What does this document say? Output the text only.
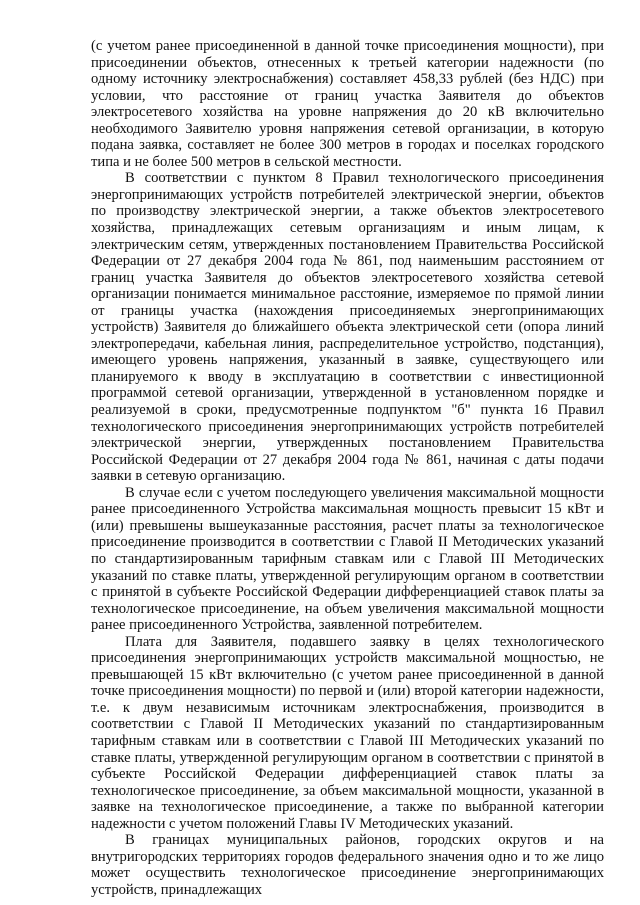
(с учетом ранее присоединенной в данной точке присоединения мощности), при присоединении объектов, отнесенных к третьей категории надежности (по одному источнику электроснабжения) составляет 458,33 рублей (без НДС) при условии, что расстояние от границ участка Заявителя до объектов электросетевого хозяйства на уровне напряжения до 20 кВ включительно необходимого Заявителю уровня напряжения сетевой организации, в которую подана заявка, составляет не более 300 метров в городах и поселках городского типа и не более 500 метров в сельской местности.

В соответствии с пунктом 8 Правил технологического присоединения энергопринимающих устройств потребителей электрической энергии, объектов по производству электрической энергии, а также объектов электросетевого хозяйства, принадлежащих сетевым организациям и иным лицам, к электрическим сетям, утвержденных постановлением Правительства Российской Федерации от 27 декабря 2004 года № 861, под наименьшим расстоянием от границ участка Заявителя до объектов электросетевого хозяйства сетевой организации понимается минимальное расстояние, измеряемое по прямой линии от границы участка (нахождения присоединяемых энергопринимающих устройств) Заявителя до ближайшего объекта электрической сети (опора линий электропередачи, кабельная линия, распределительное устройство, подстанция), имеющего уровень напряжения, указанный в заявке, существующего или планируемого к вводу в эксплуатацию в соответствии с инвестиционной программой сетевой организации, утвержденной в установленном порядке и реализуемой в сроки, предусмотренные подпунктом "б" пункта 16 Правил технологического присоединения энергопринимающих устройств потребителей электрической энергии, утвержденных постановлением Правительства Российской Федерации от 27 декабря 2004 года № 861, начиная с даты подачи заявки в сетевую организацию.

В случае если с учетом последующего увеличения максимальной мощности ранее присоединенного Устройства максимальная мощность превысит 15 кВт и (или) превышены вышеуказанные расстояния, расчет платы за технологическое присоединение производится в соответствии с Главой II Методических указаний по стандартизированным тарифным ставкам или с Главой III Методических указаний по ставке платы, утвержденной регулирующим органом в соответствии с принятой в субъекте Российской Федерации дифференциацией ставок платы за технологическое присоединение, на объем увеличения максимальной мощности ранее присоединенного Устройства, заявленной потребителем.

Плата для Заявителя, подавшего заявку в целях технологического присоединения энергопринимающих устройств максимальной мощностью, не превышающей 15 кВт включительно (с учетом ранее присоединенной в данной точке присоединения мощности) по первой и (или) второй категории надежности, т.е. к двум независимым источникам электроснабжения, производится в соответствии с Главой II Методических указаний по стандартизированным тарифным ставкам или в соответствии с Главой III Методических указаний по ставке платы, утвержденной регулирующим органом в соответствии с принятой в субъекте Российской Федерации дифференциацией ставок платы за технологическое присоединение, за объем максимальной мощности, указанной в заявке на технологическое присоединение, а также по выбранной категории надежности с учетом положений Главы IV Методических указаний.

В границах муниципальных районов, городских округов и на внутригородских территориях городов федерального значения одно и то же лицо может осуществить технологическое присоединение энергопринимающих устройств, принадлежащих
